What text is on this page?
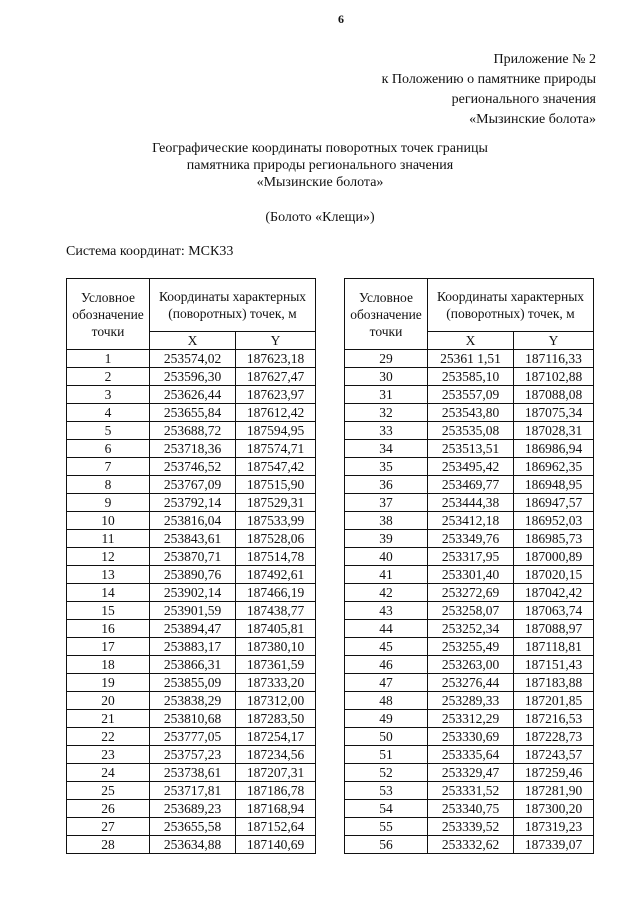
6
Приложение № 2
к Положению о памятнике природы
регионального значения
«Мызинские болота»
Географические координаты поворотных точек границы
памятника природы регионального значения
«Мызинские болота»
(Болото «Клещи»)
Система координат: МСК33
Условное обозначение точки	Координаты характерных (поворотных) точек, м	
	X	Y
1	253574,02	187623,18
2	253596,30	187627,47
3	253626,44	187623,97
4	253655,84	187612,42
5	253688,72	187594,95
6	253718,36	187574,71
7	253746,52	187547,42
8	253767,09	187515,90
9	253792,14	187529,31
10	253816,04	187533,99
11	253843,61	187528,06
12	253870,71	187514,78
13	253890,76	187492,61
14	253902,14	187466,19
15	253901,59	187438,77
16	253894,47	187405,81
17	253883,17	187380,10
18	253866,31	187361,59
19	253855,09	187333,20
20	253838,29	187312,00
21	253810,68	187283,50
22	253777,05	187254,17
23	253757,23	187234,56
24	253738,61	187207,31
25	253717,81	187186,78
26	253689,23	187168,94
27	253655,58	187152,64
28	253634,88	187140,69
Условное обозначение точки	Координаты характерных (поворотных) точек, м	
	X	Y
29	25361 1,51	187116,33
30	253585,10	187102,88
31	253557,09	187088,08
32	253543,80	187075,34
33	253535,08	187028,31
34	253513,51	186986,94
35	253495,42	186962,35
36	253469,77	186948,95
37	253444,38	186947,57
38	253412,18	186952,03
39	253349,76	186985,73
40	253317,95	187000,89
41	253301,40	187020,15
42	253272,69	187042,42
43	253258,07	187063,74
44	253252,34	187088,97
45	253255,49	187118,81
46	253263,00	187151,43
47	253276,44	187183,88
48	253289,33	187201,85
49	253312,29	187216,53
50	253330,69	187228,73
51	253335,64	187243,57
52	253329,47	187259,46
53	253331,52	187281,90
54	253340,75	187300,20
55	253339,52	187319,23
56	253332,62	187339,07
